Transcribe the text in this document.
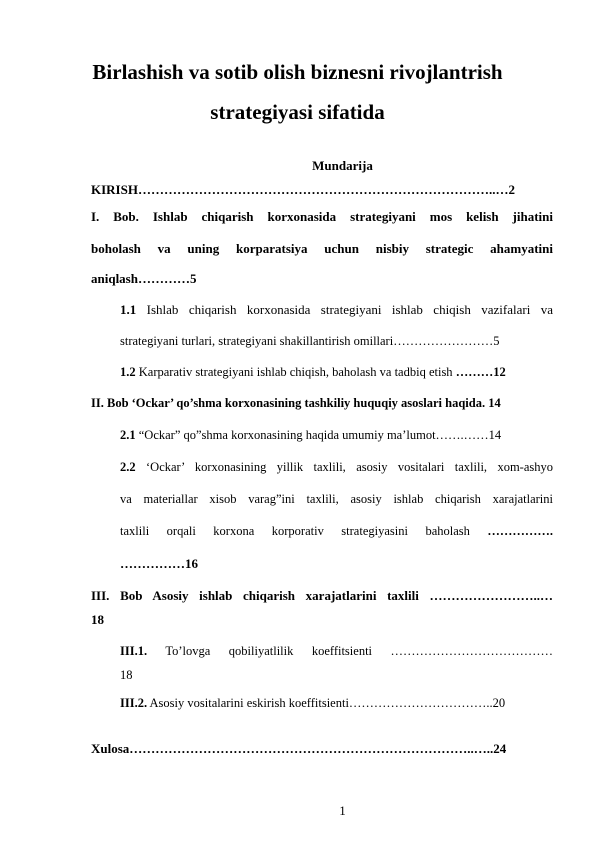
Birlashish va sotib olish biznesni rivojlantrish
strategiyasi sifatida
Mundarija
KIRISH………………………………………………………………………..…2
I. Bob. Ishlab chiqarish korxonasida strategiyani mos kelish jihatini
boholash va uning korparatsiya uchun nisbiy strategic ahamyatini
aniqlash…………5
1.1 Ishlab chiqarish korxonasida strategiyani ishlab chiqish vazifalari va
strategiyani turlari, strategiyani shakillantirish omillari……………………5
1.2 Karparativ strategiyani ishlab chiqish, baholash va tadbiq etish ………12
II. Bob ‘Ockar’ qo’shma korxonasining tashkiliy huquqiy asoslari haqida. 14
2.1 “Ockar” qo”shma korxonasining haqida umumiy ma’lumot…….……14
2.2 ‘Ockar’ korxonasining yillik taxlili, asosiy vositalari taxlili, xom-ashyo
va materiallar xisob varag”ini taxlili, asosiy ishlab chiqarish xarajatlarini
taxlili orqali korxona korporativ strategiyasini baholash …………….
……………16
III. Bob Asosiy ishlab chiqarish xarajatlarini taxlili ……………………..…
18
III.1. To’lovga qobiliyatlilik koeffitsienti …………………………………
18
III.2. Asosiy vositalarini eskirish koeffitsienti……………………………..20
Xulosa……………………………………………………………………..…..24
1
